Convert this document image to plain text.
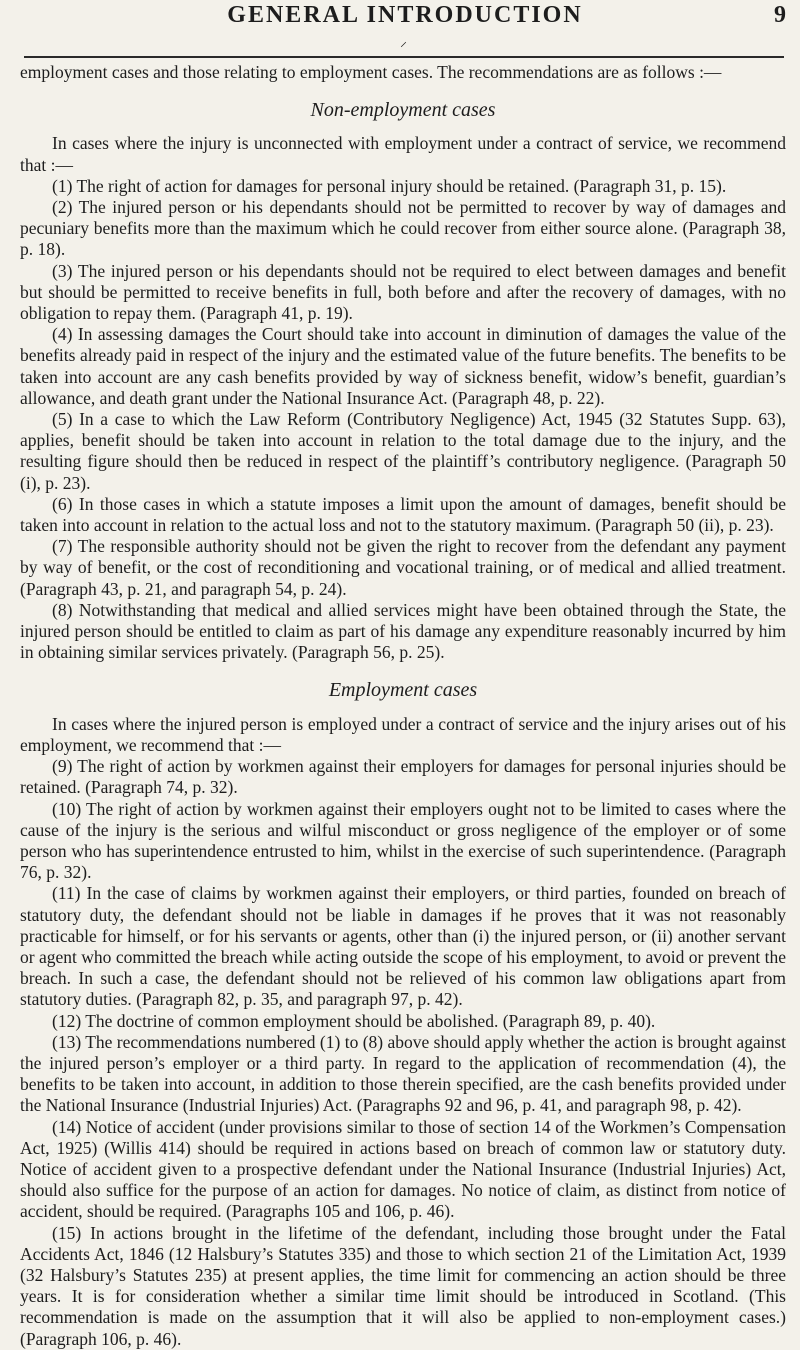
GENERAL INTRODUCTION	9
⸝

employment cases and those relating to employment cases. The recommendations are as follows :—

Non-employment cases

In cases where the injury is unconnected with employment under a contract of service, we recommend that :—

(1) The right of action for damages for personal injury should be retained. (Paragraph 31, p. 15).

(2) The injured person or his dependants should not be permitted to recover by way of damages and pecuniary benefits more than the maximum which he could recover from either source alone. (Paragraph 38, p. 18).

(3) The injured person or his dependants should not be required to elect between damages and benefit but should be permitted to receive benefits in full, both before and after the recovery of damages, with no obligation to repay them. (Paragraph 41, p. 19).

(4) In assessing damages the Court should take into account in diminution of damages the value of the benefits already paid in respect of the injury and the estimated value of the future benefits. The benefits to be taken into account are any cash benefits provided by way of sickness benefit, widow’s benefit, guardian’s allowance, and death grant under the National Insurance Act. (Paragraph 48, p. 22).

(5) In a case to which the Law Reform (Contributory Negligence) Act, 1945 (32 Statutes Supp. 63), applies, benefit should be taken into account in relation to the total damage due to the injury, and the resulting figure should then be reduced in respect of the plaintiff’s contributory negligence. (Paragraph 50 (i), p. 23).

(6) In those cases in which a statute imposes a limit upon the amount of damages, benefit should be taken into account in relation to the actual loss and not to the statutory maximum. (Paragraph 50 (ii), p. 23).

(7) The responsible authority should not be given the right to recover from the defendant any payment by way of benefit, or the cost of reconditioning and vocational training, or of medical and allied treatment. (Paragraph 43, p. 21, and paragraph 54, p. 24).

(8) Notwithstanding that medical and allied services might have been obtained through the State, the injured person should be entitled to claim as part of his damage any expenditure reasonably incurred by him in obtaining similar services privately. (Paragraph 56, p. 25).

Employment cases

In cases where the injured person is employed under a contract of service and the injury arises out of his employment, we recommend that :—

(9) The right of action by workmen against their employers for damages for personal injuries should be retained. (Paragraph 74, p. 32).

(10) The right of action by workmen against their employers ought not to be limited to cases where the cause of the injury is the serious and wilful misconduct or gross negligence of the employer or of some person who has superintendence entrusted to him, whilst in the exercise of such superintendence. (Paragraph 76, p. 32).

(11) In the case of claims by workmen against their employers, or third parties, founded on breach of statutory duty, the defendant should not be liable in damages if he proves that it was not reasonably practicable for himself, or for his servants or agents, other than (i) the injured person, or (ii) another servant or agent who committed the breach while acting outside the scope of his employment, to avoid or prevent the breach. In such a case, the defendant should not be relieved of his common law obligations apart from statutory duties. (Paragraph 82, p. 35, and paragraph 97, p. 42).

(12) The doctrine of common employment should be abolished. (Paragraph 89, p. 40).

(13) The recommendations numbered (1) to (8) above should apply whether the action is brought against the injured person’s employer or a third party. In regard to the application of recommendation (4), the benefits to be taken into account, in addition to those therein specified, are the cash benefits provided under the National Insurance (Industrial Injuries) Act. (Paragraphs 92 and 96, p. 41, and paragraph 98, p. 42).

(14) Notice of accident (under provisions similar to those of section 14 of the Workmen’s Compensation Act, 1925) (Willis 414) should be required in actions based on breach of common law or statutory duty. Notice of accident given to a prospective defendant under the National Insurance (Industrial Injuries) Act, should also suffice for the purpose of an action for damages. No notice of claim, as distinct from notice of accident, should be required. (Paragraphs 105 and 106, p. 46).

(15) In actions brought in the lifetime of the defendant, including those brought under the Fatal Accidents Act, 1846 (12 Halsbury’s Statutes 335) and those to which section 21 of the Limitation Act, 1939 (32 Halsbury’s Statutes 235) at present applies, the time limit for commencing an action should be three years. It is for consideration whether a similar time limit should be introduced in Scotland. (This recommendation is made on the assumption that it will also be applied to non-employment cases.) (Paragraph 106, p. 46).
